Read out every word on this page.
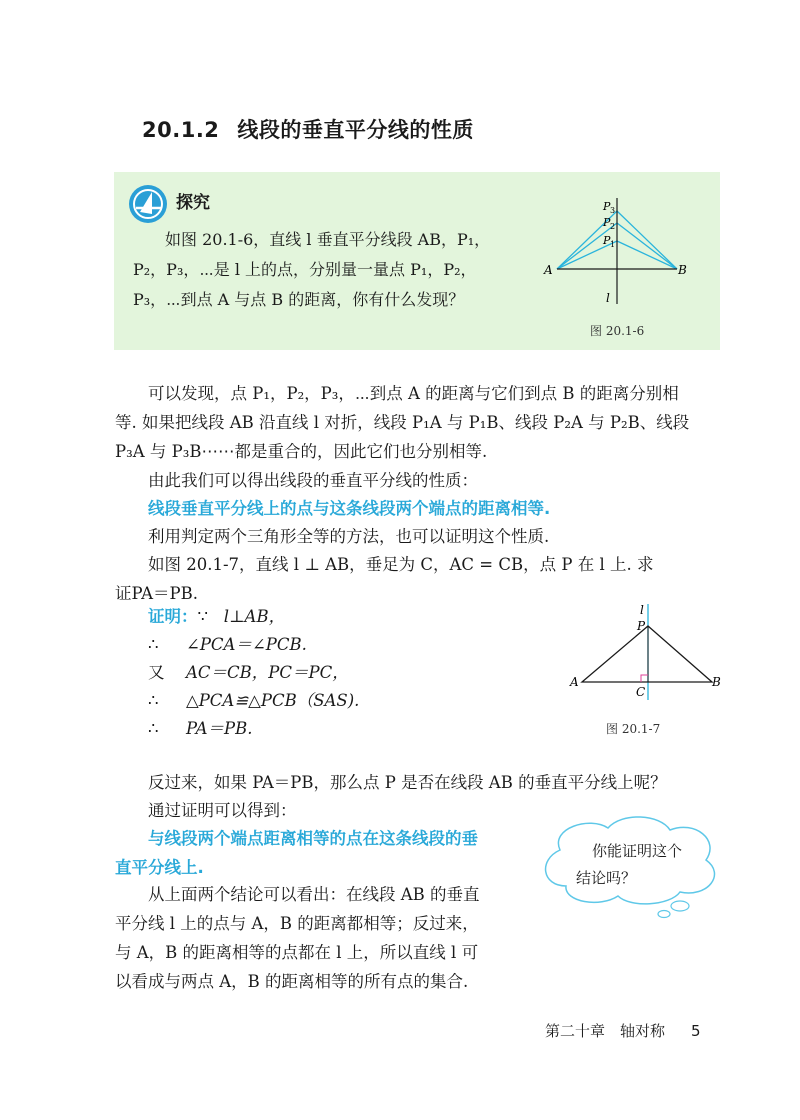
20.1.2 线段的垂直平分线的性质
探究

如图 20.1-6，直线 l 垂直平分线段 AB，P₁，

P₂，P₃，⋯是 l 上的点，分别量一量点 P₁，P₂，

P₃，⋯到点 A 与点 B 的距离，你有什么发现？

A	B
P 3
P 2
P 1
l
图 20.1-6

可以发现，点 P₁，P₂，P₃，⋯到点 A 的距离与它们到点 B 的距离分别相

等. 如果把线段 AB 沿直线 l 对折，线段 P₁A 与 P₁B、线段 P₂A 与 P₂B、线段

P₃A 与 P₃B⋯⋯都是重合的，因此它们也分别相等.

由此我们可以得出线段的垂直平分线的性质：
线段垂直平分线上的点与这条线段两个端点的距离相等.
利用判定两个三角形全等的方法，也可以证明这个性质.

如图 20.1-7，直线 l ⊥ AB，垂足为 C，AC = CB，点 P 在 l 上. 求

证PA＝PB.

证明：∵ l⊥AB，
∴ ∠PCA＝∠PCB.
又 AC＝CB，PC＝PC，
∴ △PCA≌△PCB（SAS).
∴ PA＝PB.
A	B
C
P
l
图 20.1-7
反过来，如果 PA＝PB，那么点 P 是否在线段 AB 的垂直平分线上呢？
通过证明可以得到：

与线段两个端点距离相等的点在这条线段的垂

直平分线上.

从上面两个结论可以看出：在线段 AB 的垂直

平分线 l 上的点与 A，B 的距离都相等；反过来，

与 A，B 的距离相等的点都在 l 上，所以直线 l 可

以看成与两点 A，B 的距离相等的所有点的集合.

你能证明这个
结论吗？
第二十章　轴对称 5
